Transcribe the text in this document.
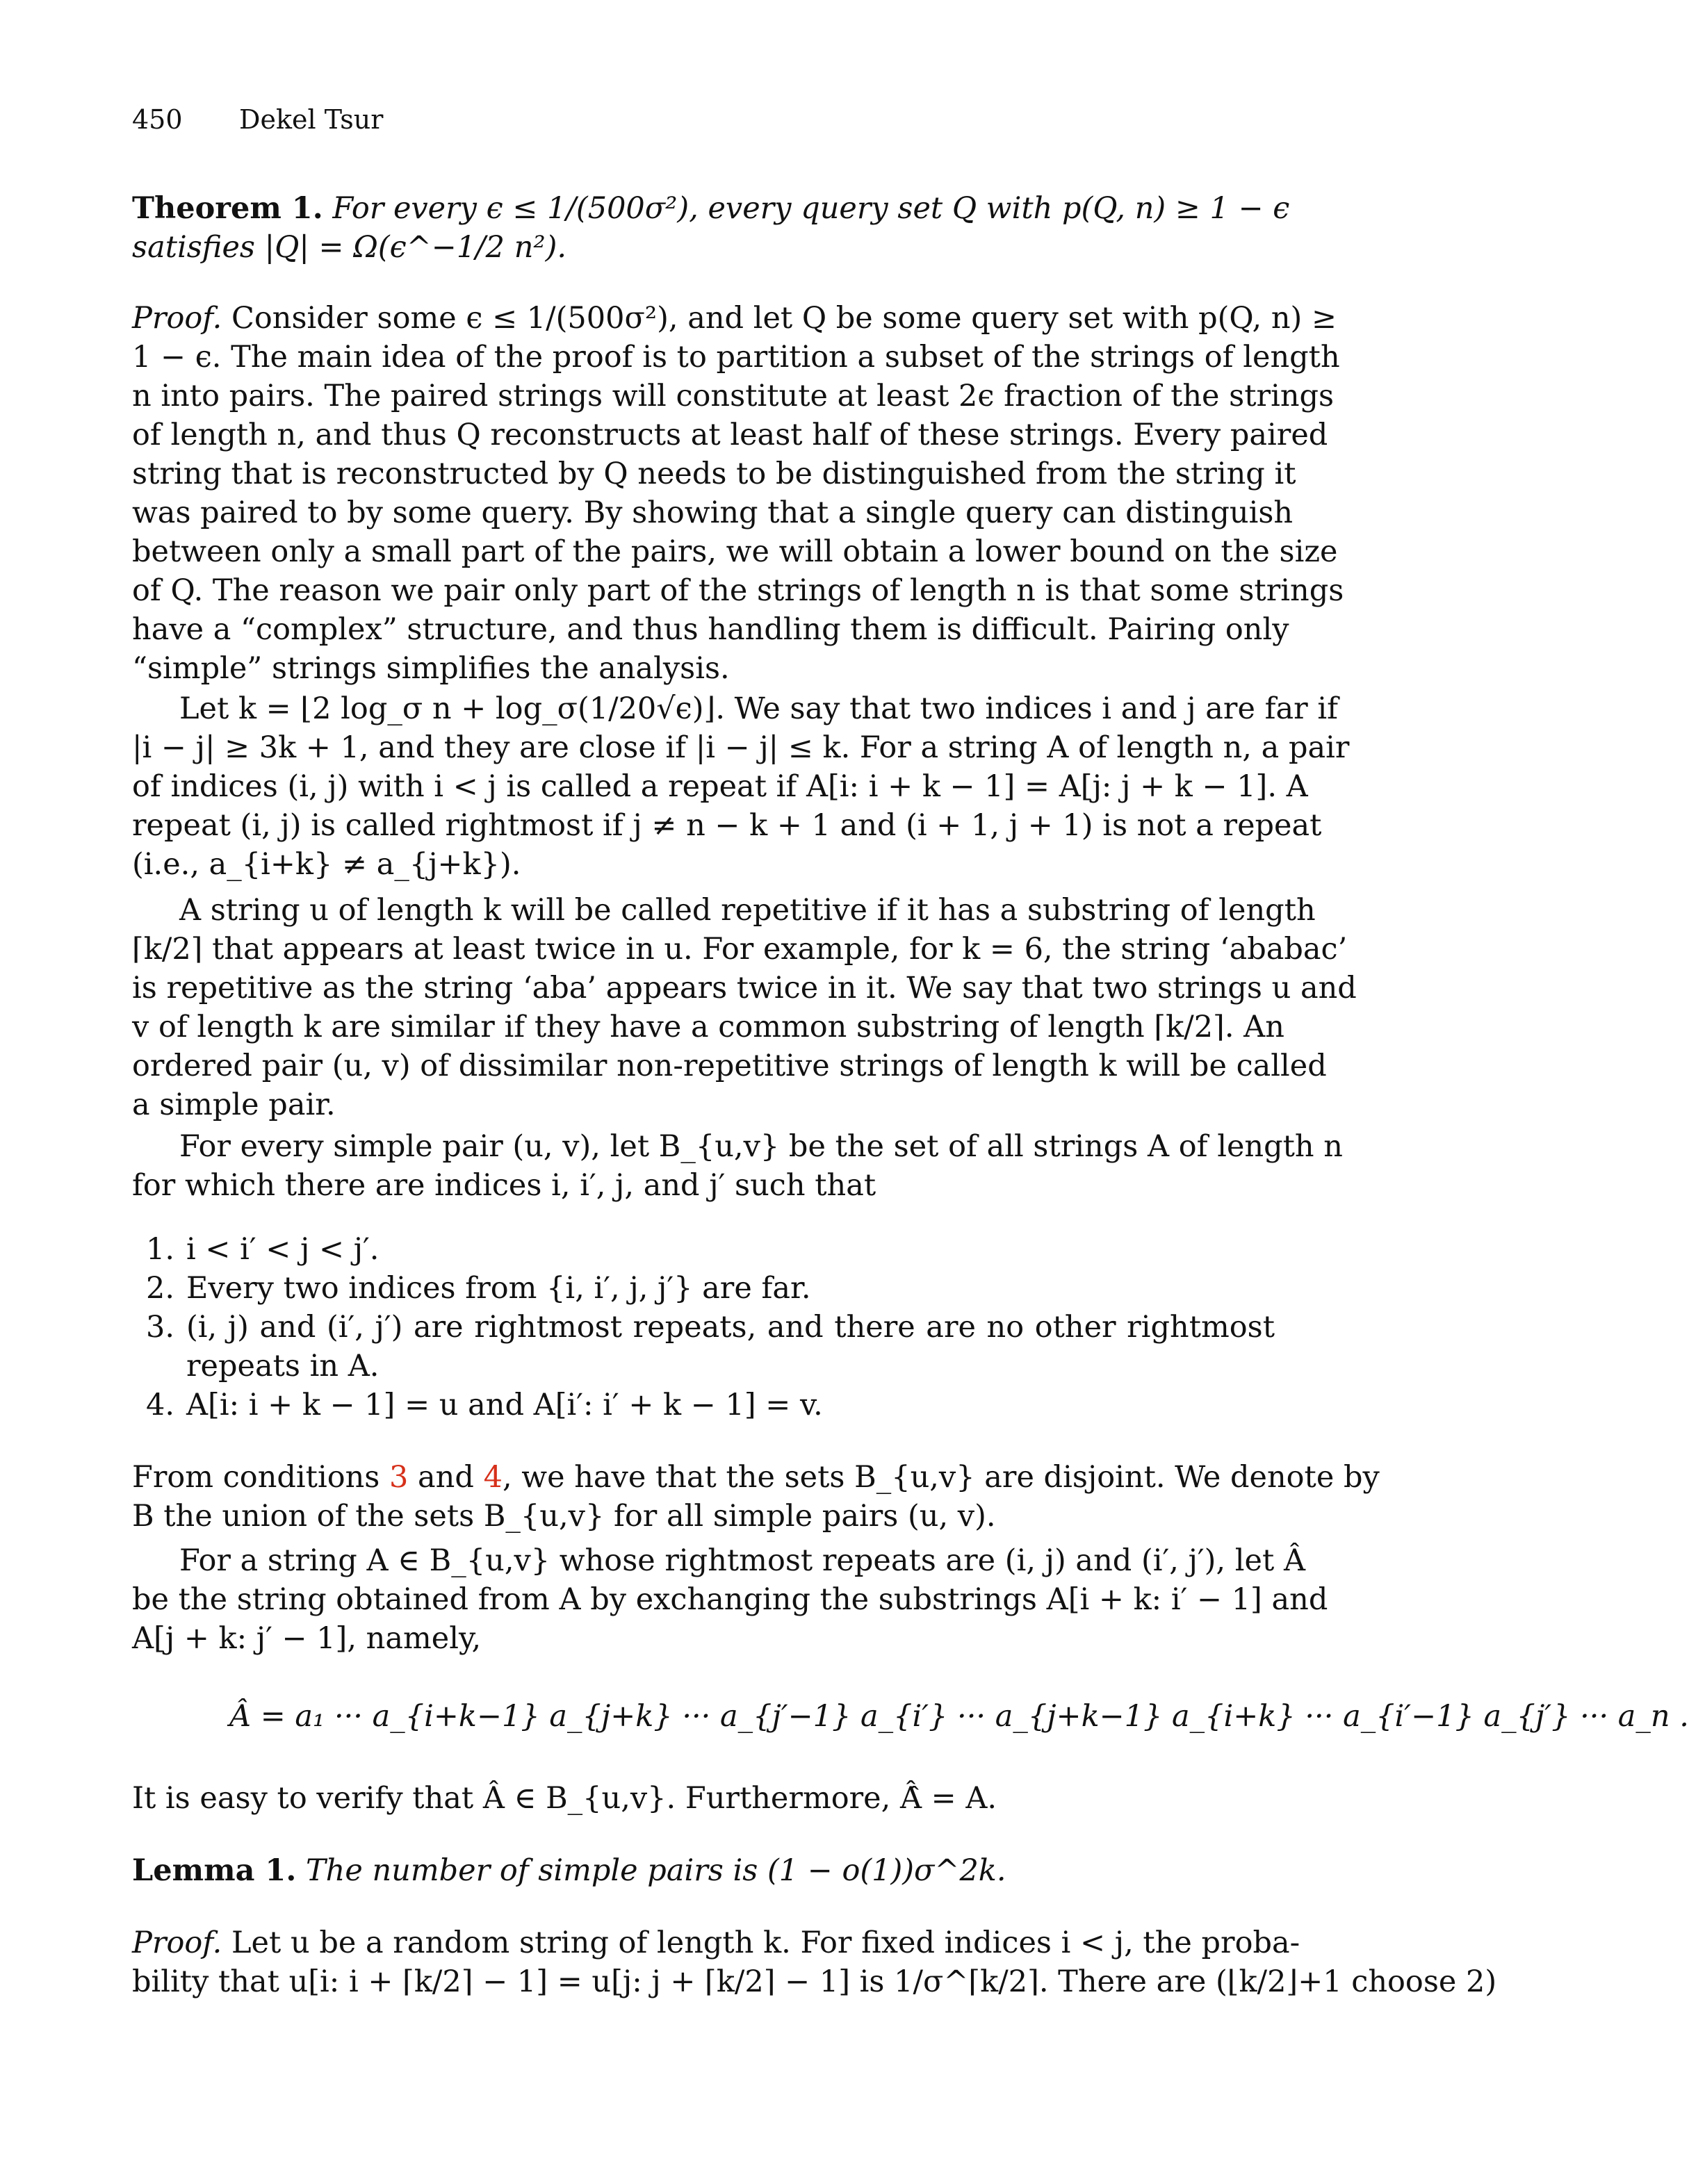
450 Dekel Tsur
Theorem 1. For every ϵ ≤ 1/(500σ²), every query set Q with p(Q, n) ≥ 1 − ϵ
satisfies |Q| = Ω(ϵ^−1/2 n²).
Proof. Consider some ϵ ≤ 1/(500σ²), and let Q be some query set with p(Q, n) ≥
1 − ϵ. The main idea of the proof is to partition a subset of the strings of length
n into pairs. The paired strings will constitute at least 2ϵ fraction of the strings
of length n, and thus Q reconstructs at least half of these strings. Every paired
string that is reconstructed by Q needs to be distinguished from the string it
was paired to by some query. By showing that a single query can distinguish
between only a small part of the pairs, we will obtain a lower bound on the size
of Q. The reason we pair only part of the strings of length n is that some strings
have a “complex” structure, and thus handling them is difficult. Pairing only
“simple” strings simplifies the analysis.
Let k = ⌊2 log_σ n + log_σ(1/20√ϵ)⌋. We say that two indices i and j are far if
|i − j| ≥ 3k + 1, and they are close if |i − j| ≤ k. For a string A of length n, a pair
of indices (i, j) with i < j is called a repeat if A[i: i + k − 1] = A[j: j + k − 1]. A
repeat (i, j) is called rightmost if j ≠ n − k + 1 and (i + 1, j + 1) is not a repeat
(i.e., a_{i+k} ≠ a_{j+k}).
A string u of length k will be called repetitive if it has a substring of length
⌈k/2⌉ that appears at least twice in u. For example, for k = 6, the string ‘ababac’
is repetitive as the string ‘aba’ appears twice in it. We say that two strings u and
v of length k are similar if they have a common substring of length ⌈k/2⌉. An
ordered pair (u, v) of dissimilar non-repetitive strings of length k will be called
a simple pair.
For every simple pair (u, v), let B_{u,v} be the set of all strings A of length n
for which there are indices i, i′, j, and j′ such that
1. i < i′ < j < j′.
2. Every two indices from {i, i′, j, j′} are far.
3. (i, j) and (i′, j′) are rightmost repeats, and there are no other rightmost
repeats in A.
4. A[i: i + k − 1] = u and A[i′: i′ + k − 1] = v.
From conditions 3 and 4, we have that the sets B_{u,v} are disjoint. We denote by
B the union of the sets B_{u,v} for all simple pairs (u, v).
For a string A ∈ B_{u,v} whose rightmost repeats are (i, j) and (i′, j′), let Â
be the string obtained from A by exchanging the substrings A[i + k: i′ − 1] and
A[j + k: j′ − 1], namely,
Â = a₁ ··· a_{i+k−1} a_{j+k} ··· a_{j′−1} a_{i′} ··· a_{j+k−1} a_{i+k} ··· a_{i′−1} a_{j′} ··· a_n .
It is easy to verify that Â ∈ B_{u,v}. Furthermore, Â̂ = A.
Lemma 1. The number of simple pairs is (1 − o(1))σ^2k.
Proof. Let u be a random string of length k. For fixed indices i < j, the proba-
bility that u[i: i + ⌈k/2⌉ − 1] = u[j: j + ⌈k/2⌉ − 1] is 1/σ^⌈k/2⌉. There are (⌊k/2⌋+1 choose 2)
